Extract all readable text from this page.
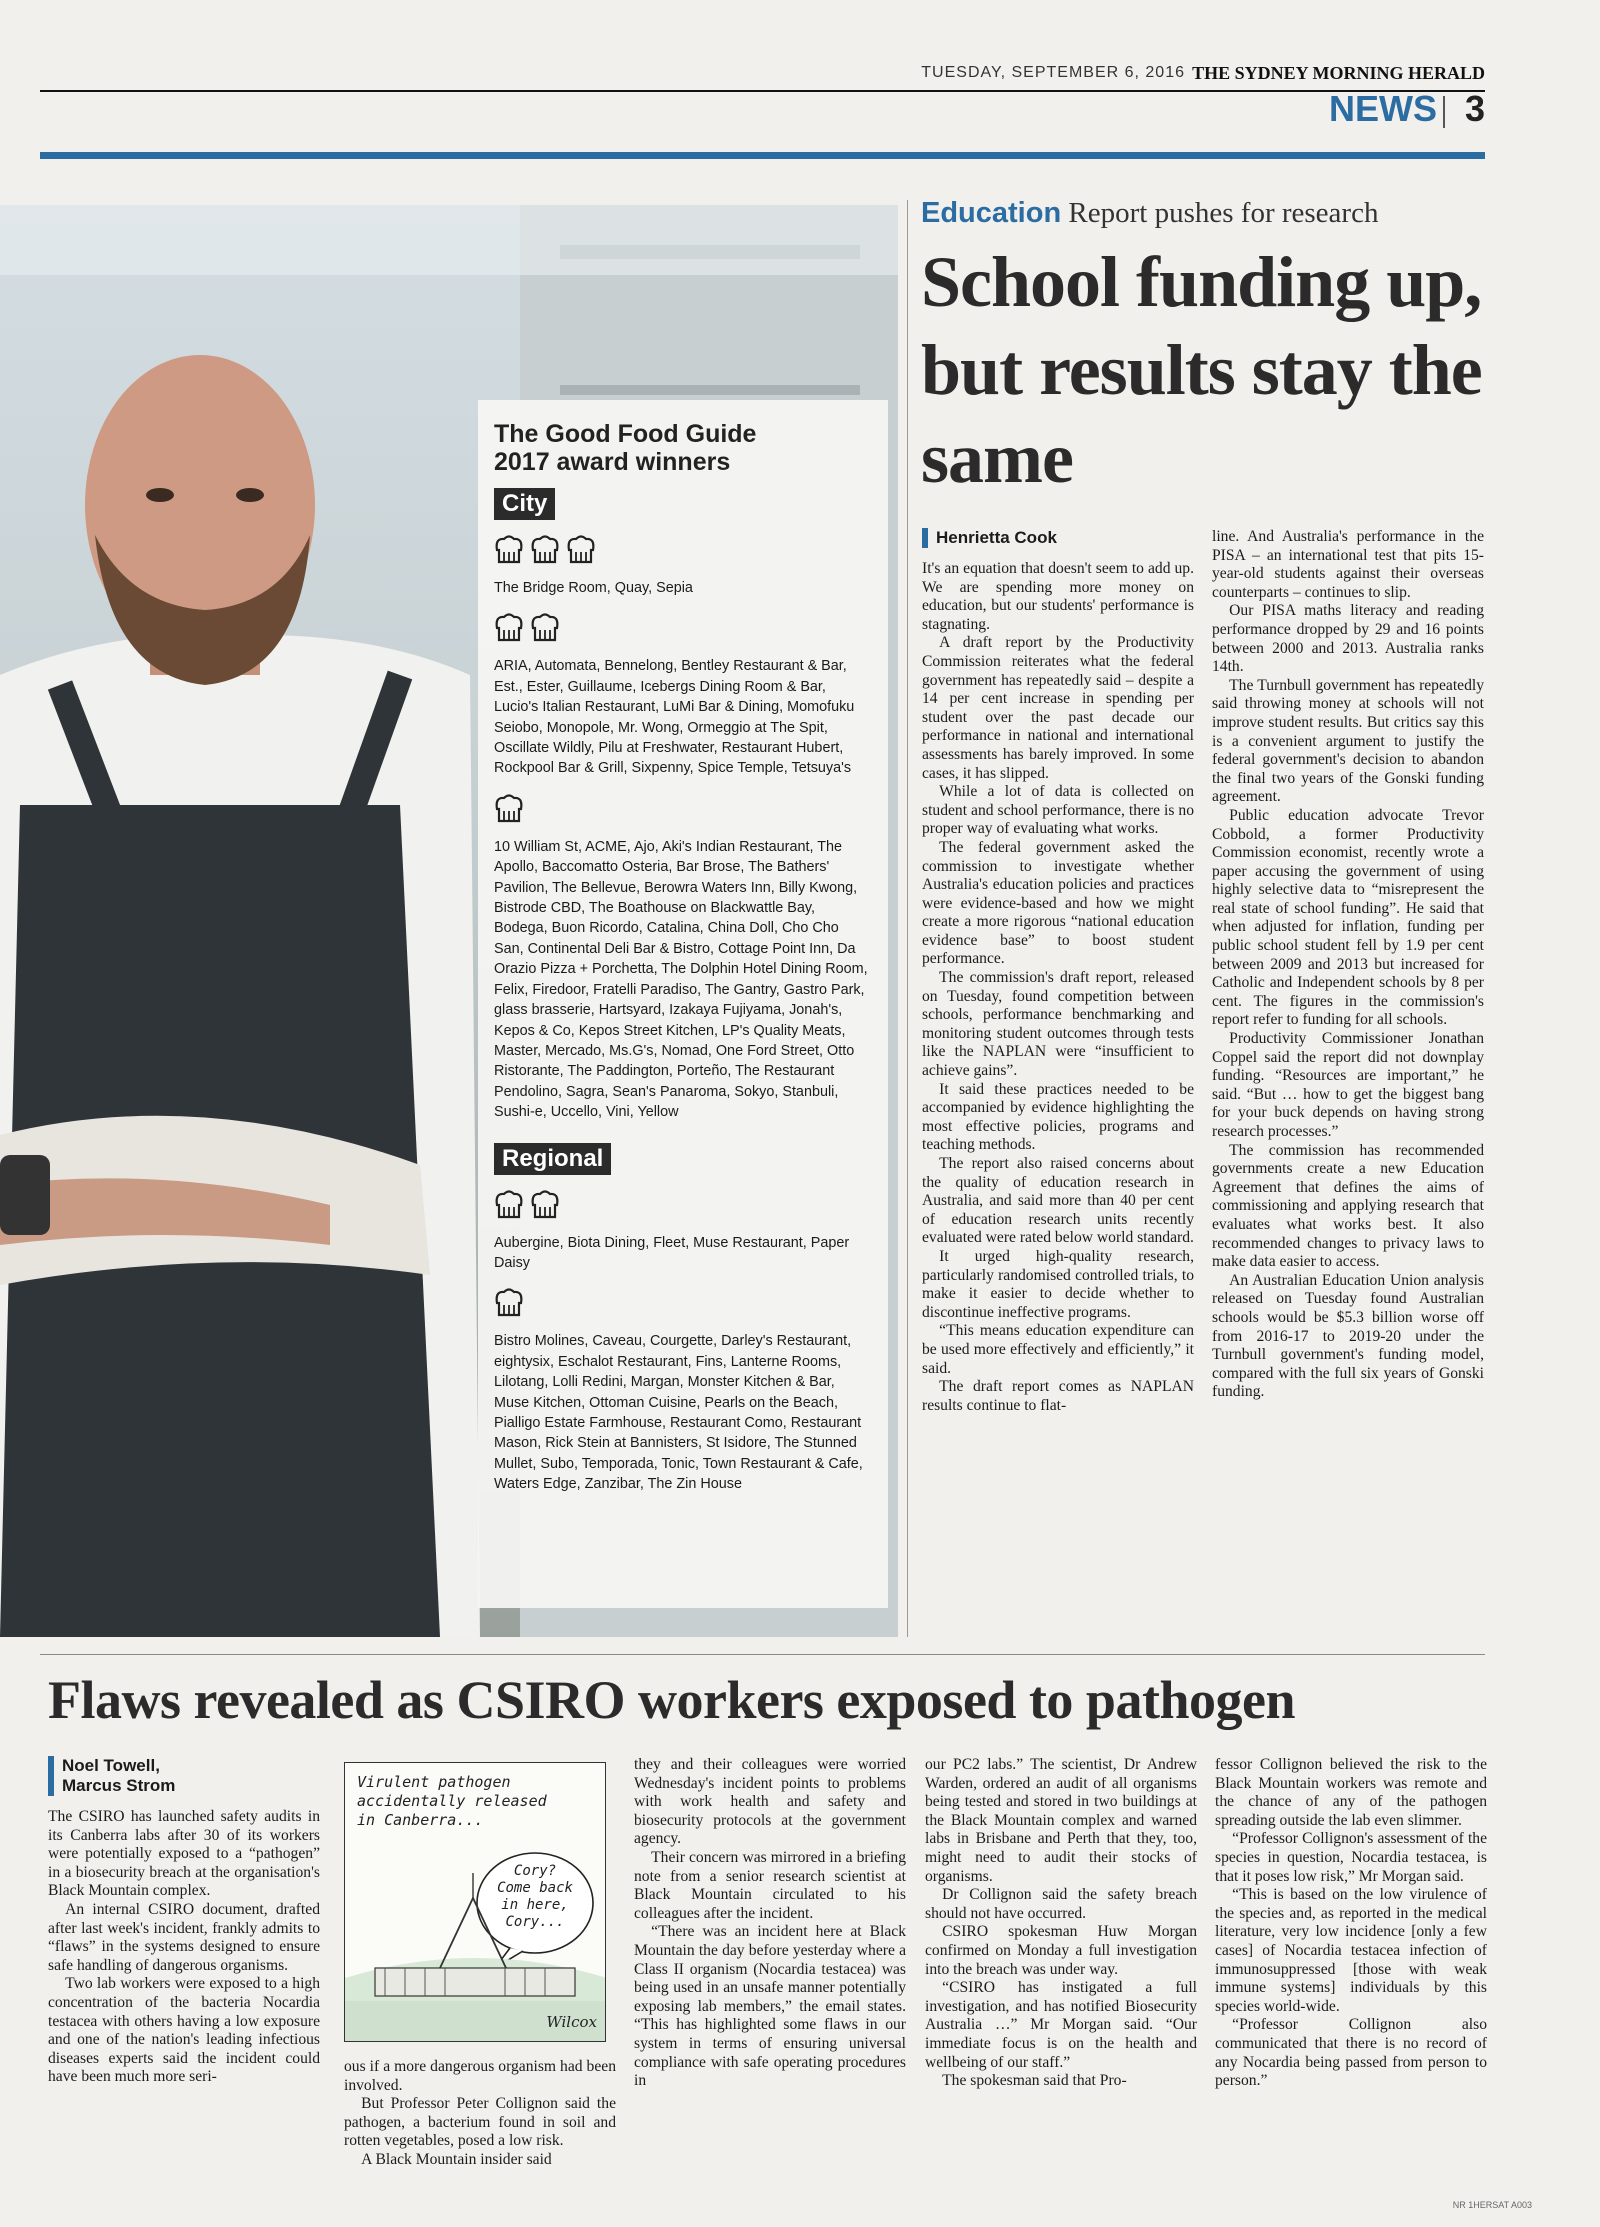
TUESDAY, SEPTEMBER 6, 2016 THE SYDNEY MORNING HERALD
NEWS 3
The Good Food Guide
2017 award winners
City

The Bridge Room, Quay, Sepia

ARIA, Automata, Bennelong, Bentley Restaurant & Bar, Est., Ester, Guillaume, Icebergs Dining Room & Bar, Lucio's Italian Restaurant, LuMi Bar & Dining, Momofuku Seiobo, Monopole, Mr. Wong, Ormeggio at The Spit, Oscillate Wildly, Pilu at Freshwater, Restaurant Hubert, Rockpool Bar & Grill, Sixpenny, Spice Temple, Tetsuya's

10 William St, ACME, Ajo, Aki's Indian Restaurant, The Apollo, Baccomatto Osteria, Bar Brose, The Bathers' Pavilion, The Bellevue, Berowra Waters Inn, Billy Kwong, Bistrode CBD, The Boathouse on Blackwattle Bay, Bodega, Buon Ricordo, Catalina, China Doll, Cho Cho San, Continental Deli Bar & Bistro, Cottage Point Inn, Da Orazio Pizza + Porchetta, The Dolphin Hotel Dining Room, Felix, Firedoor, Fratelli Paradiso, The Gantry, Gastro Park, glass brasserie, Hartsyard, Izakaya Fujiyama, Jonah's, Kepos & Co, Kepos Street Kitchen, LP's Quality Meats, Master, Mercado, Ms.G's, Nomad, One Ford Street, Otto Ristorante, The Paddington, Porteño, The Restaurant Pendolino, Sagra, Sean's Panaroma, Sokyo, Stanbuli, Sushi-e, Uccello, Vini, Yellow

Regional

Aubergine, Biota Dining, Fleet, Muse Restaurant, Paper Daisy

Bistro Molines, Caveau, Courgette, Darley's Restaurant, eightysix, Eschalot Restaurant, Fins, Lanterne Rooms, Lilotang, Lolli Redini, Margan, Monster Kitchen & Bar, Muse Kitchen, Ottoman Cuisine, Pearls on the Beach, Pialligo Estate Farmhouse, Restaurant Como, Restaurant Mason, Rick Stein at Bannisters, St Isidore, The Stunned Mullet, Subo, Temporada, Tonic, Town Restaurant & Cafe, Waters Edge, Zanzibar, The Zin House

Education Report pushes for research
School funding up, but results stay the same
Henrietta Cook

It's an equation that doesn't seem to add up. We are spending more money on education, but our students' performance is stagnating.

A draft report by the Productivity Commission reiterates what the federal government has repeatedly said – despite a 14 per cent increase in spending per student over the past decade our performance in national and international assessments has barely improved. In some cases, it has slipped.

While a lot of data is collected on student and school performance, there is no proper way of evaluating what works.

The federal government asked the commission to investigate whether Australia's education policies and practices were evidence-based and how we might create a more rigorous “national education evidence base” to boost student performance.

The commission's draft report, released on Tuesday, found competition between schools, performance benchmarking and monitoring student outcomes through tests like the NAPLAN were “insufficient to achieve gains”.

It said these practices needed to be accompanied by evidence highlighting the most effective policies, programs and teaching methods.

The report also raised concerns about the quality of education research in Australia, and said more than 40 per cent of education research units recently evaluated were rated below world standard.

It urged high-quality research, particularly randomised controlled trials, to make it easier to decide whether to discontinue ineffective programs.

“This means education expenditure can be used more effectively and efficiently,” it said.

The draft report comes as NAPLAN results continue to flat-

line. And Australia's performance in the PISA – an international test that pits 15-year-old students against their overseas counterparts – continues to slip.

Our PISA maths literacy and reading performance dropped by 29 and 16 points between 2000 and 2013. Australia ranks 14th.

The Turnbull government has repeatedly said throwing money at schools will not improve student results. But critics say this is a convenient argument to justify the federal government's decision to abandon the final two years of the Gonski funding agreement.

Public education advocate Trevor Cobbold, a former Productivity Commission economist, recently wrote a paper accusing the government of using highly selective data to “misrepresent the real state of school funding”. He said that when adjusted for inflation, funding per public school student fell by 1.9 per cent between 2009 and 2013 but increased for Catholic and Independent schools by 8 per cent. The figures in the commission's report refer to funding for all schools.

Productivity Commissioner Jonathan Coppel said the report did not downplay funding. “Resources are important,” he said. “But … how to get the biggest bang for your buck depends on having strong research processes.”

The commission has recommended governments create a new Education Agreement that defines the aims of commissioning and applying research that evaluates what works best. It also recommended changes to privacy laws to make data easier to access.

An Australian Education Union analysis released on Tuesday found Australian schools would be $5.3 billion worse off from 2016-17 to 2019-20 under the Turnbull government's funding model, compared with the full six years of Gonski funding.

Flaws revealed as CSIRO workers exposed to pathogen
Noel Towell,
Marcus Strom

The CSIRO has launched safety audits in its Canberra labs after 30 of its workers were potentially exposed to a “pathogen” in a biosecurity breach at the organisation's Black Mountain complex.

An internal CSIRO document, drafted after last week's incident, frankly admits to “flaws” in the systems designed to ensure safe handling of dangerous organisms.

Two lab workers were exposed to a high concentration of the bacteria Nocardia testacea with others having a low exposure and one of the nation's leading infectious diseases experts said the incident could have been much more seri-

Virulent pathogen
accidentally released
in Canberra...
Cory?
Come back
in here,
Cory...
Wilcox

ous if a more dangerous organism had been involved.

But Professor Peter Collignon said the pathogen, a bacterium found in soil and rotten vegetables, posed a low risk.

A Black Mountain insider said

they and their colleagues were worried Wednesday's incident points to problems with work health and safety and biosecurity protocols at the government agency.

Their concern was mirrored in a briefing note from a senior research scientist at Black Mountain circulated to his colleagues after the incident.

“There was an incident here at Black Mountain the day before yesterday where a Class II organism (Nocardia testacea) was being used in an unsafe manner potentially exposing lab members,” the email states. “This has highlighted some flaws in our system in terms of ensuring universal compliance with safe operating procedures in

our PC2 labs.” The scientist, Dr Andrew Warden, ordered an audit of all organisms being tested and stored in two buildings at the Black Mountain complex and warned labs in Brisbane and Perth that they, too, might need to audit their stocks of organisms.

Dr Collignon said the safety breach should not have occurred.

CSIRO spokesman Huw Morgan confirmed on Monday a full investigation into the breach was under way.

“CSIRO has instigated a full investigation, and has notified Biosecurity Australia …” Mr Morgan said. “Our immediate focus is on the health and wellbeing of our staff.”

The spokesman said that Pro-

fessor Collignon believed the risk to the Black Mountain workers was remote and the chance of any of the pathogen spreading outside the lab even slimmer.

“Professor Collignon's assessment of the species in question, Nocardia testacea, is that it poses low risk,” Mr Morgan said.

“This is based on the low virulence of the species and, as reported in the medical literature, very low incidence [only a few cases] of Nocardia testacea infection of immunosuppressed [those with weak immune systems] individuals by this species world-wide.

“Professor Collignon also communicated that there is no record of any Nocardia being passed from person to person.”

NR 1HERSAT A003
